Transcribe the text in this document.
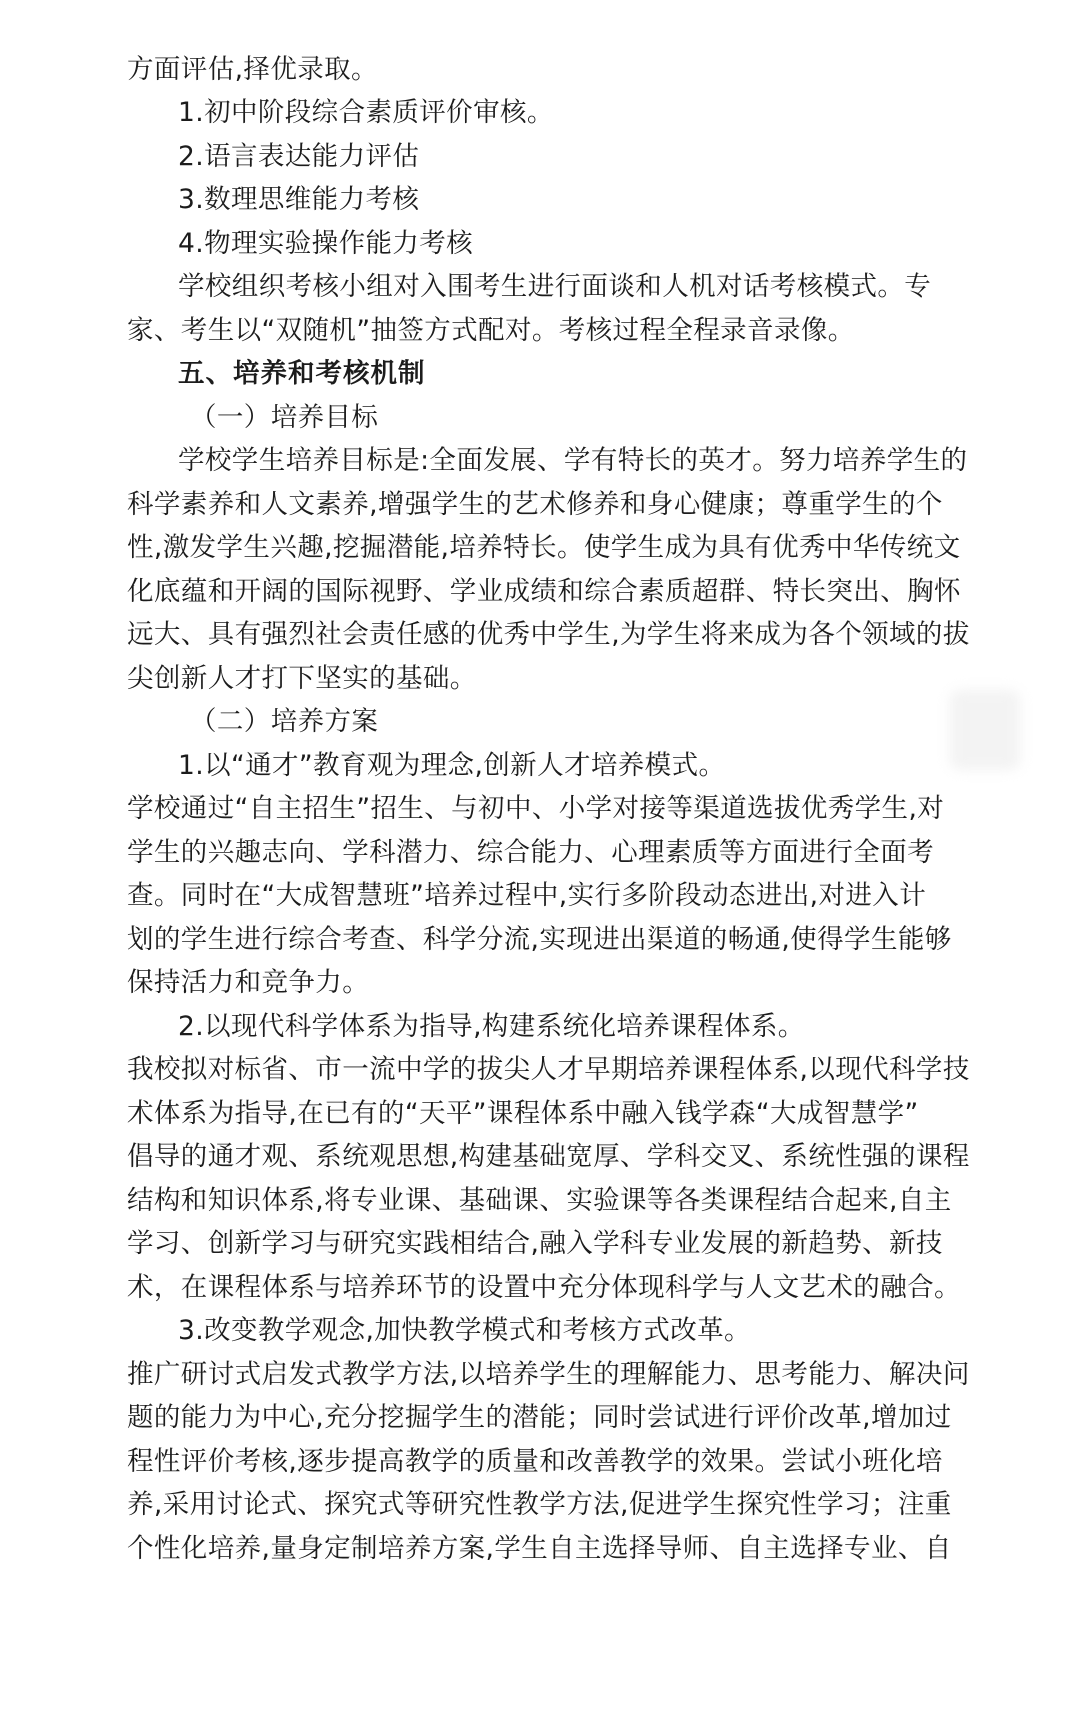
方面评估,择优录取。
1.初中阶段综合素质评价审核。
2.语言表达能力评估
3.数理思维能力考核
4.物理实验操作能力考核
学校组织考核小组对入围考生进行面谈和人机对话考核模式。专
家、考生以“双随机”抽签方式配对。考核过程全程录音录像。
五、培养和考核机制
（一）培养目标
学校学生培养目标是:全面发展、学有特长的英才。努力培养学生的
科学素养和人文素养,增强学生的艺术修养和身心健康；尊重学生的个
性,激发学生兴趣,挖掘潜能,培养特长。使学生成为具有优秀中华传统文
化底蕴和开阔的国际视野、学业成绩和综合素质超群、特长突出、胸怀
远大、具有强烈社会责任感的优秀中学生,为学生将来成为各个领域的拔
尖创新人才打下坚实的基础。
（二）培养方案
1.以“通才”教育观为理念,创新人才培养模式。
学校通过“自主招生”招生、与初中、小学对接等渠道选拔优秀学生,对
学生的兴趣志向、学科潜力、综合能力、心理素质等方面进行全面考
查。同时在“大成智慧班”培养过程中,实行多阶段动态进出,对进入计
划的学生进行综合考查、科学分流,实现进出渠道的畅通,使得学生能够
保持活力和竞争力。
2.以现代科学体系为指导,构建系统化培养课程体系。
我校拟对标省、市一流中学的拔尖人才早期培养课程体系,以现代科学技
术体系为指导,在已有的“天平”课程体系中融入钱学森“大成智慧学”
倡导的通才观、系统观思想,构建基础宽厚、学科交叉、系统性强的课程
结构和知识体系,将专业课、基础课、实验课等各类课程结合起来,自主
学习、创新学习与研究实践相结合,融入学科专业发展的新趋势、新技
术，在课程体系与培养环节的设置中充分体现科学与人文艺术的融合。
3.改变教学观念,加快教学模式和考核方式改革。
推广研讨式启发式教学方法,以培养学生的理解能力、思考能力、解决问
题的能力为中心,充分挖掘学生的潜能；同时尝试进行评价改革,增加过
程性评价考核,逐步提高教学的质量和改善教学的效果。尝试小班化培
养,采用讨论式、探究式等研究性教学方法,促进学生探究性学习；注重
个性化培养,量身定制培养方案,学生自主选择导师、自主选择专业、自
